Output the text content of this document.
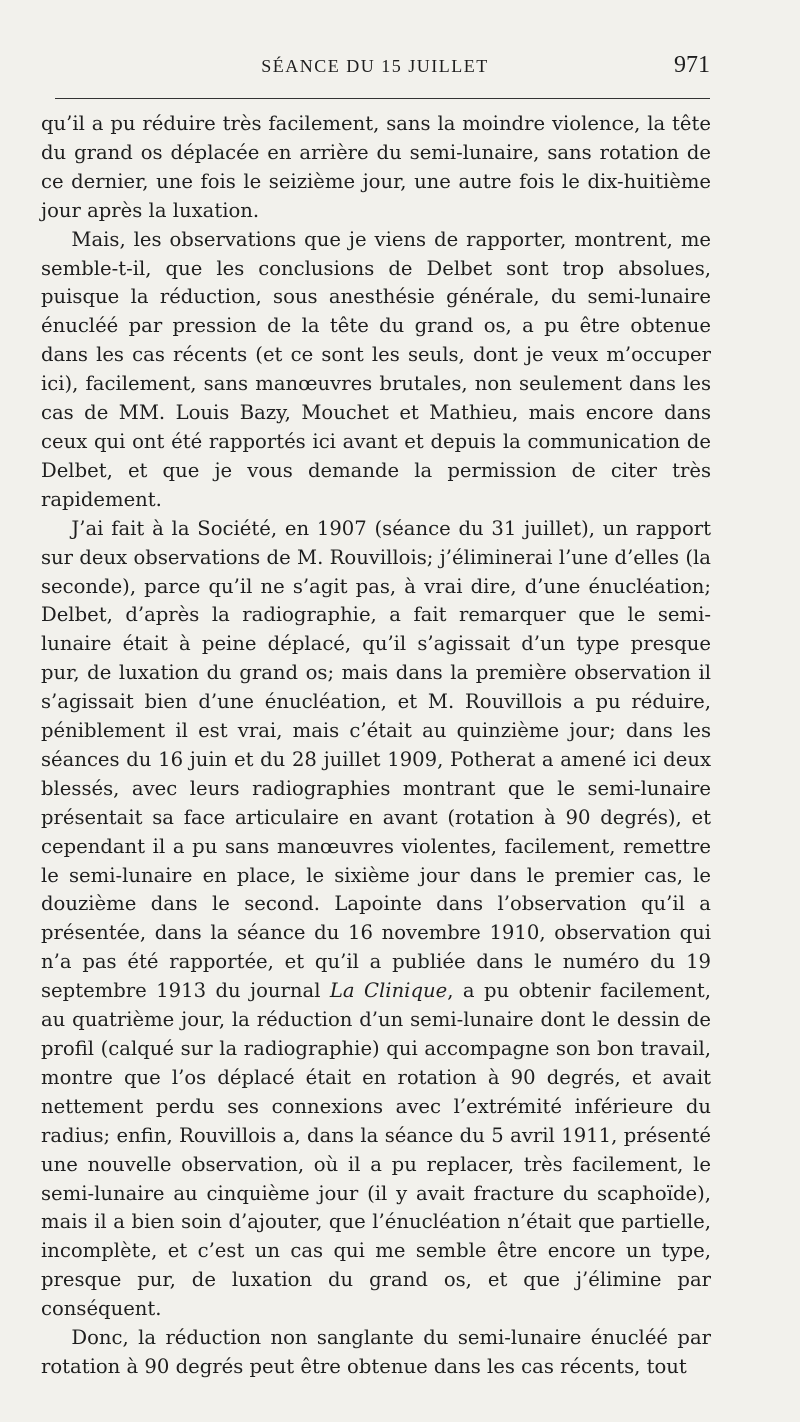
SÉANCE DU 15 JUILLET	971

qu’il a pu réduire très facilement, sans la moindre violence, la tête du grand os déplacée en arrière du semi-lunaire, sans rotation de ce dernier, une fois le seizième jour, une autre fois le dix-huitième jour après la luxation.

Mais, les observations que je viens de rapporter, montrent, me semble-t-il, que les conclusions de Delbet sont trop absolues, puisque la réduction, sous anesthésie générale, du semi-lunaire énucléé par pression de la tête du grand os, a pu être obtenue dans les cas récents (et ce sont les seuls, dont je veux m’occuper ici), facilement, sans manœuvres brutales, non seulement dans les cas de MM. Louis Bazy, Mouchet et Mathieu, mais encore dans ceux qui ont été rapportés ici avant et depuis la communication de Delbet, et que je vous demande la permission de citer très rapidement.

J’ai fait à la Société, en 1907 (séance du 31 juillet), un rapport sur deux observations de M. Rouvillois; j’éliminerai l’une d’elles (la seconde), parce qu’il ne s’agit pas, à vrai dire, d’une énucléation; Delbet, d’après la radiographie, a fait remarquer que le semi-lunaire était à peine déplacé, qu’il s’agissait d’un type presque pur, de luxation du grand os; mais dans la première observation il s’agissait bien d’une énucléation, et M. Rouvillois a pu réduire, péniblement il est vrai, mais c’était au quinzième jour; dans les séances du 16 juin et du 28 juillet 1909, Potherat a amené ici deux blessés, avec leurs radiographies montrant que le semi-lunaire présentait sa face articulaire en avant (rotation à 90 degrés), et cependant il a pu sans manœuvres violentes, facilement, remettre le semi-lunaire en place, le sixième jour dans le premier cas, le douzième dans le second. Lapointe dans l’observation qu’il a présentée, dans la séance du 16 novembre 1910, observation qui n’a pas été rapportée, et qu’il a publiée dans le numéro du 19 septembre 1913 du journal La Clinique, a pu obtenir facilement, au quatrième jour, la réduction d’un semi-lunaire dont le dessin de profil (calqué sur la radiographie) qui accompagne son bon travail, montre que l’os déplacé était en rotation à 90 degrés, et avait nettement perdu ses connexions avec l’extrémité inférieure du radius; enfin, Rouvillois a, dans la séance du 5 avril 1911, présenté une nouvelle observation, où il a pu replacer, très facilement, le semi-lunaire au cinquième jour (il y avait fracture du scaphoïde), mais il a bien soin d’ajouter, que l’énucléation n’était que partielle, incomplète, et c’est un cas qui me semble être encore un type, presque pur, de luxation du grand os, et que j’élimine par conséquent.

Donc, la réduction non sanglante du semi-lunaire énucléé par rotation à 90 degrés peut être obtenue dans les cas récents, tout
